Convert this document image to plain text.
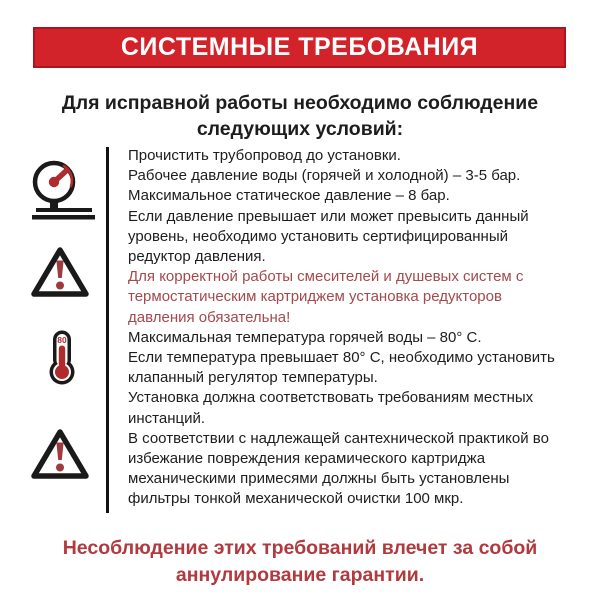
СИСТЕМНЫЕ ТРЕБОВАНИЯ
Для исправной работы необходимо соблюдение следующих условий:
80

Прочистить трубопровод до установки.

Рабочее давление воды (горячей и холодной) – 3-5 бар.

Максимальное статическое давление – 8 бар.

Если давление превышает или может превысить данный уровень, необходимо установить сертифицированный редуктор давления.

Для корректной работы смесителей и душевых систем с термостатическим картриджем установка редукторов давления обязательна!

Максимальная температура горячей воды – 80° C.

Если температура превышает 80° C, необходимо установить клапанный регулятор температуры.

Установка должна соответствовать требованиям местных инстанций.

В соответствии с надлежащей сантехнической практикой во избежание повреждения керамического картриджа механическими примесями должны быть установлены фильтры тонкой механической очистки 100 мкр.

Несоблюдение этих требований влечет за собой аннулирование гарантии.
